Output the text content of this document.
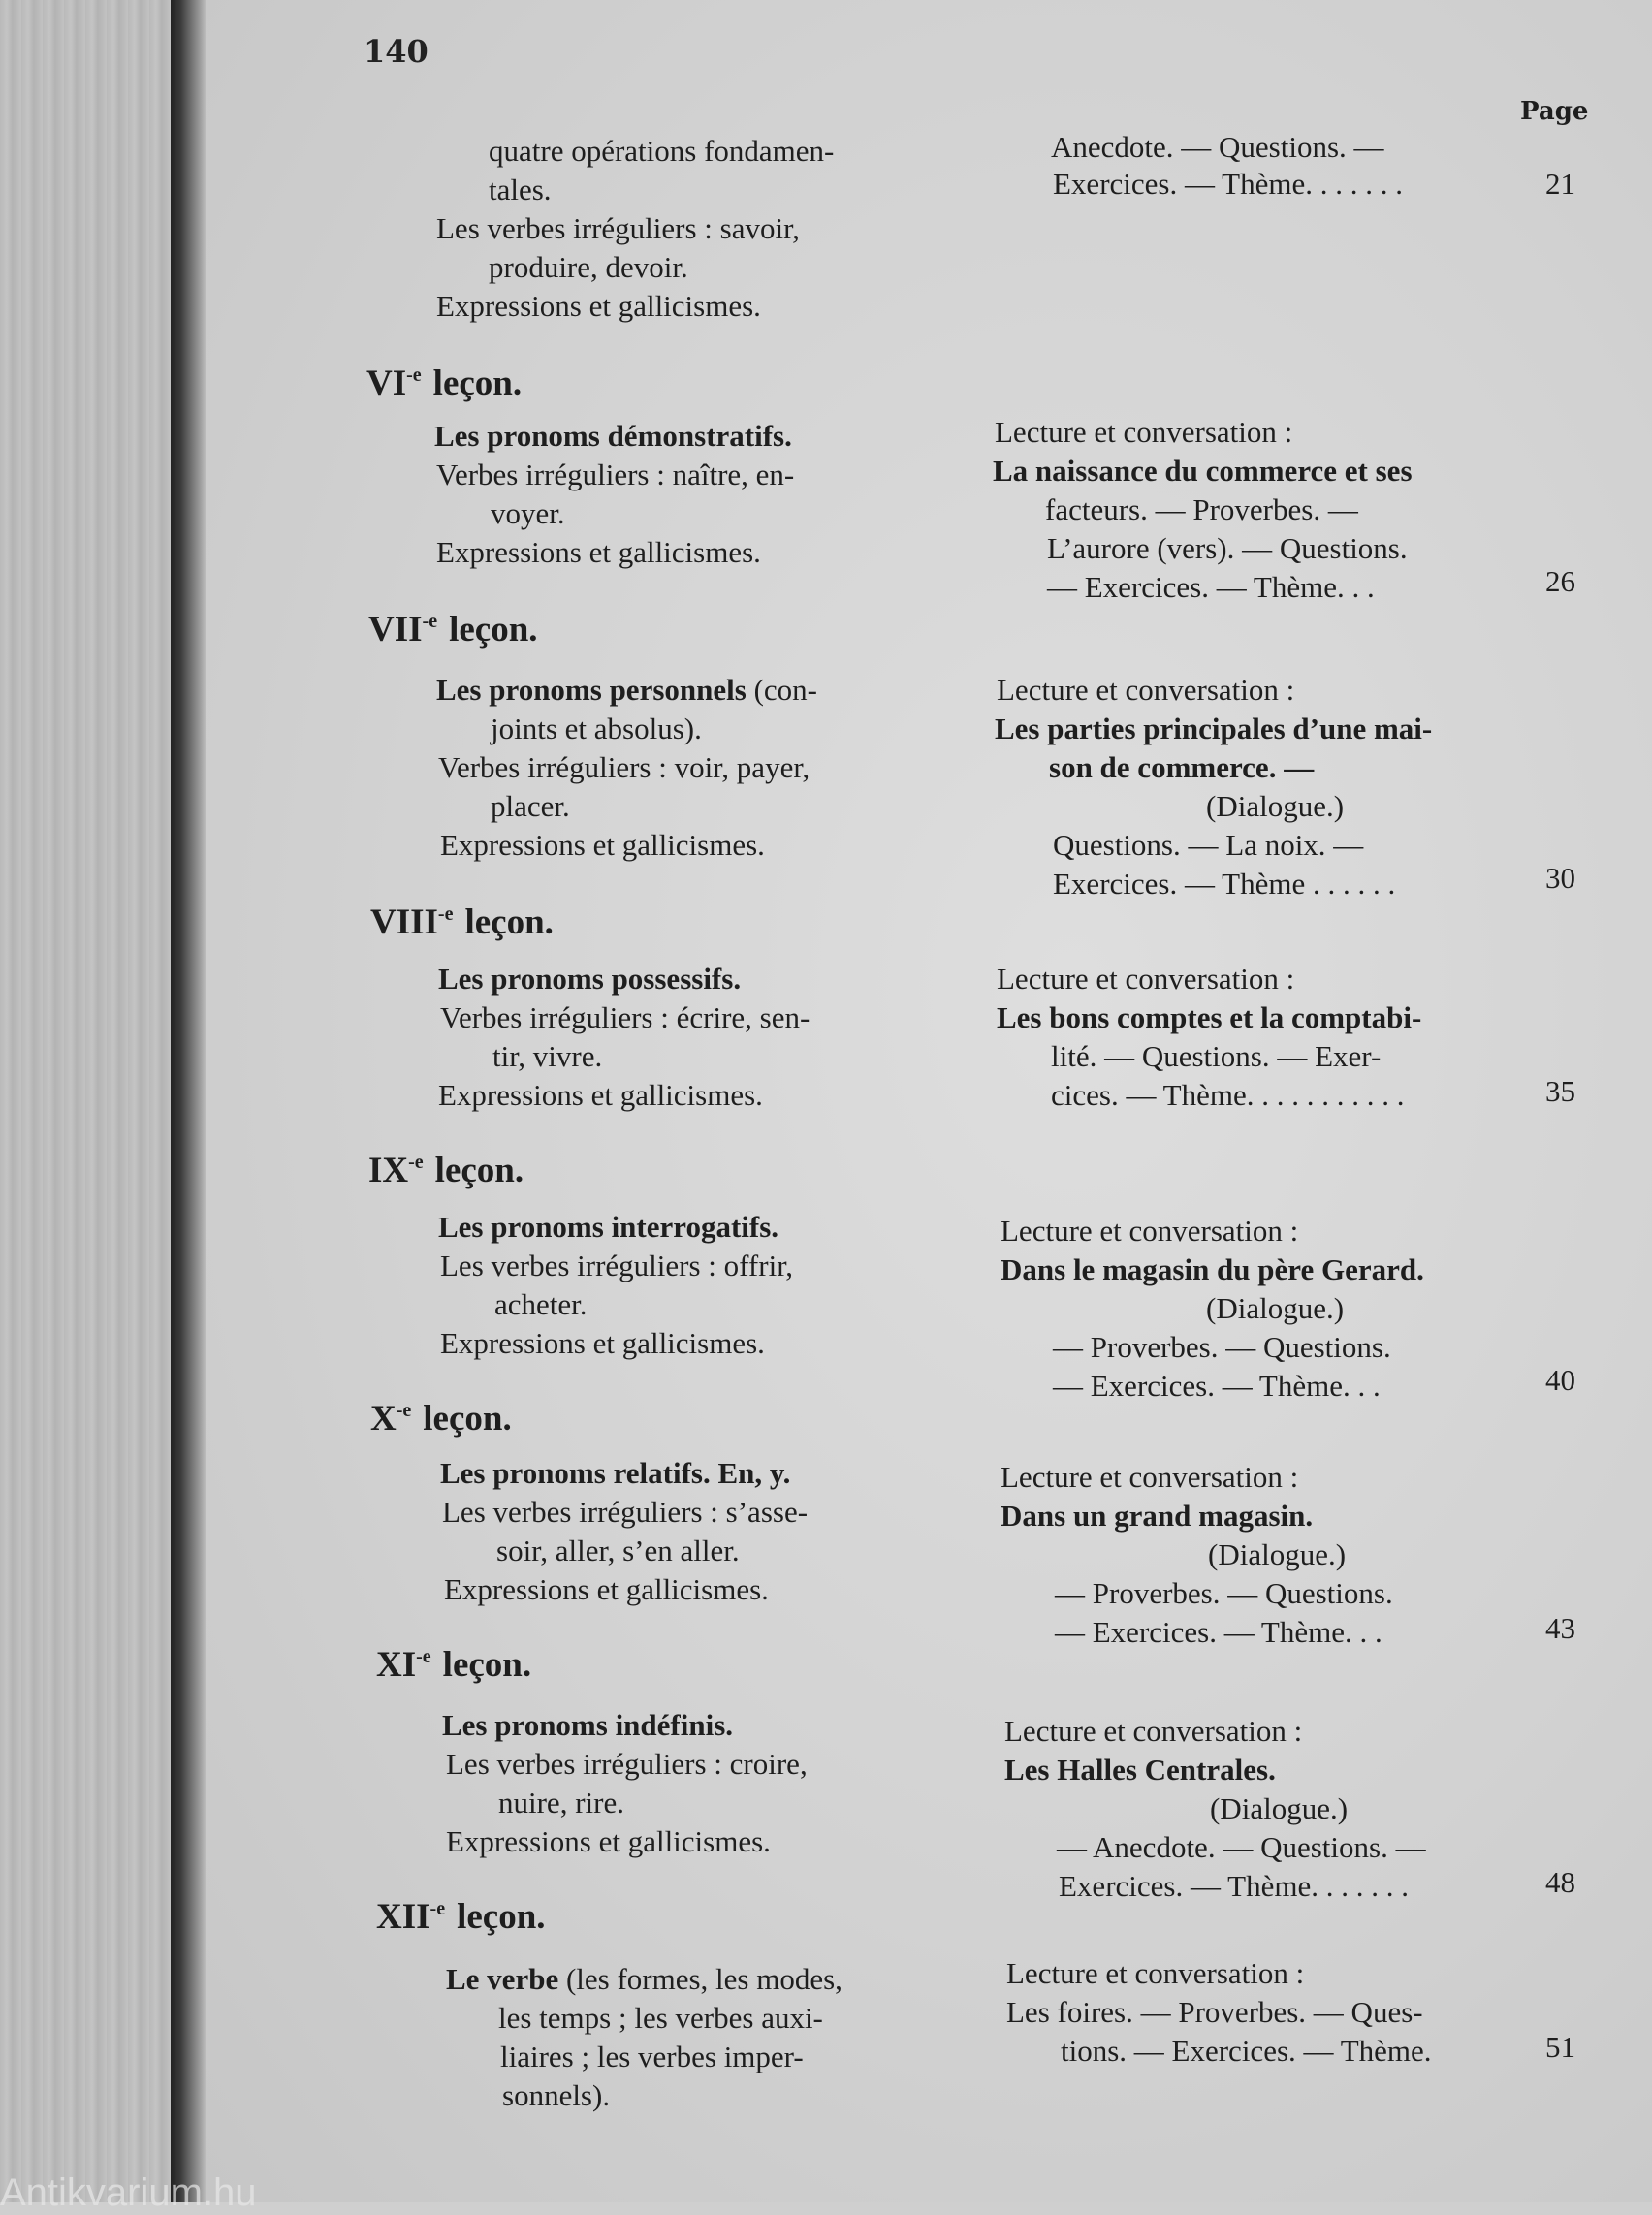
140
Page
quatre opérations fondamen-
tales.
Les verbes irréguliers : savoir,
produire, devoir.
Expressions et gallicismes.
Anecdote. — Questions. —
Exercices. — Thème. . . . . . .	21
$VI^{-e}$ leçon.
Les pronoms démonstratifs.
Verbes irréguliers : naître, en-
voyer.
Expressions et gallicismes.
Lecture et conversation :
La naissance du commerce et ses
facteurs. — Proverbes. —
L’aurore (vers). — Questions.
— Exercices. — Thème. . .	26
$VII^{-e}$ leçon.
Les pronoms personnels (con-
joints et absolus).
Verbes irréguliers : voir, payer,
placer.
Expressions et gallicismes.
Lecture et conversation :
Les parties principales d’une mai-
son de commerce. —
(Dialogue.)
Questions. — La noix. —
Exercices. — Thème . . . . . .	30
$VIII^{-e}$ leçon.
Les pronoms possessifs.
Verbes irréguliers : écrire, sen-
tir, vivre.
Expressions et gallicismes.
Lecture et conversation :
Les bons comptes et la comptabi-
lité. — Questions. — Exer-
cices. — Thème. . . . . . . . . . .	35
$IX^{-e}$ leçon.
Les pronoms interrogatifs.
Les verbes irréguliers : offrir,
acheter.
Expressions et gallicismes.
Lecture et conversation :
Dans le magasin du père Gerard.
(Dialogue.)
— Proverbes. — Questions.
— Exercices. — Thème. . .	40
$X^{-e}$ leçon.
Les pronoms relatifs. En, y.
Les verbes irréguliers : s’asse-
soir, aller, s’en aller.
Expressions et gallicismes.
Lecture et conversation :
Dans un grand magasin.
(Dialogue.)
— Proverbes. — Questions.
— Exercices. — Thème. . .	43
$XI^{-e}$ leçon.
Les pronoms indéfinis.
Les verbes irréguliers : croire,
nuire, rire.
Expressions et gallicismes.
Lecture et conversation :
Les Halles Centrales.
(Dialogue.)
— Anecdote. — Questions. —
Exercices. — Thème. . . . . . .	48
$XII^{-e}$ leçon.
Le verbe (les formes, les modes,
les temps ; les verbes auxi-
liaires ; les verbes imper-
sonnels).
Lecture et conversation :
Les foires. — Proverbes. — Ques-
tions. — Exercices. — Thème.	51
Antikvarium.hu
